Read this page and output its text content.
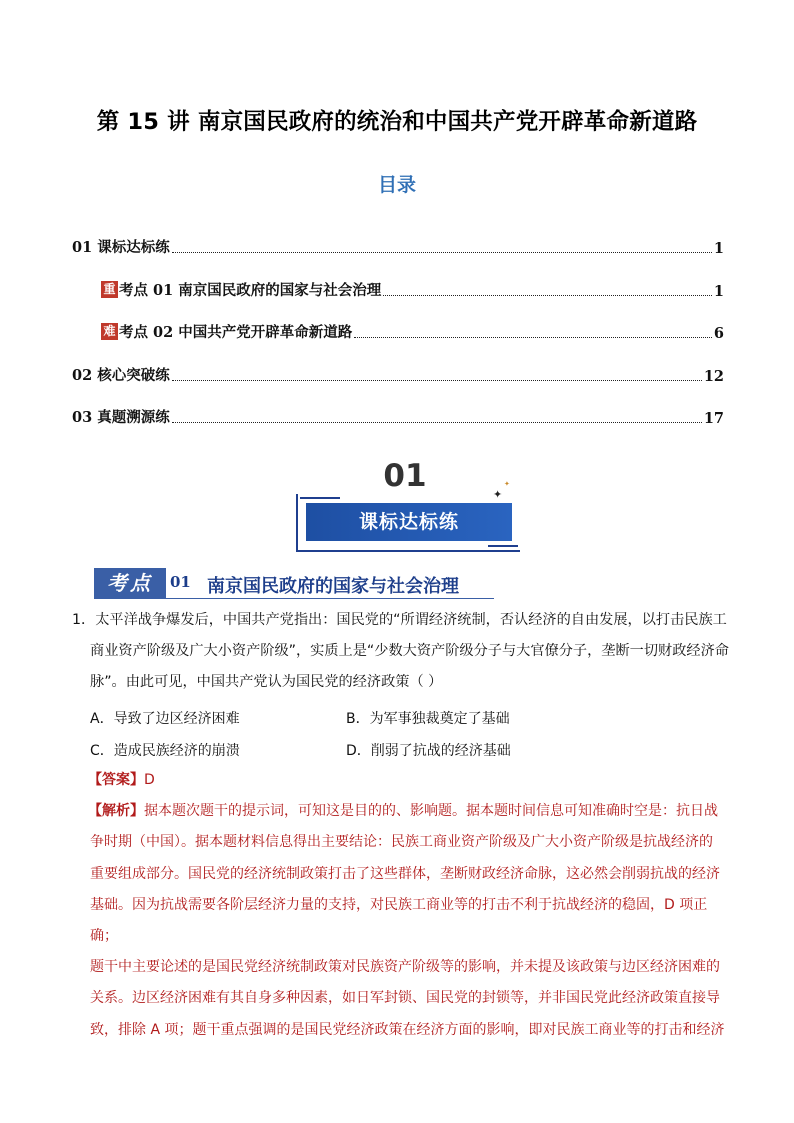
第 15 讲 南京国民政府的统治和中国共产党开辟革命新道路
目录
01 课标达标练	1
重 考点 01 南京国民政府的国家与社会治理	1
难 考点 02 中国共产党开辟革命新道路	6
02 核心突破练	12
03 真题溯源练	17
01
课标达标练
✦
✦
考点	01 南京国民政府的国家与社会治理
1．太平洋战争爆发后，中国共产党指出：国民党的“所谓经济统制，否认经济的自由发展，以打击民族工
商业资产阶级及广大小资产阶级”，实质上是“少数大资产阶级分子与大官僚分子，垄断一切财政经济命
脉”。由此可见，中国共产党认为国民党的经济政策（ ）
A．导致了边区经济困难	B．为军事独裁奠定了基础
C．造成民族经济的崩溃	D．削弱了抗战的经济基础
【答案】D
【解析】据本题次题干的提示词，可知这是目的的、影响题。据本题时间信息可知准确时空是：抗日战
争时期（中国）。据本题材料信息得出主要结论：民族工商业资产阶级及广大小资产阶级是抗战经济的
重要组成部分。国民党的经济统制政策打击了这些群体，垄断财政经济命脉，这必然会削弱抗战的经济
基础。因为抗战需要各阶层经济力量的支持，对民族工商业等的打击不利于抗战经济的稳固，D 项正确；
题干中主要论述的是国民党经济统制政策对民族资产阶级等的影响，并未提及该政策与边区经济困难的
关系。边区经济困难有其自身多种因素，如日军封锁、国民党的封锁等，并非国民党此经济政策直接导
致，排除 A 项；题干重点强调的是国民党经济政策在经济方面的影响，即对民族工商业等的打击和经济
